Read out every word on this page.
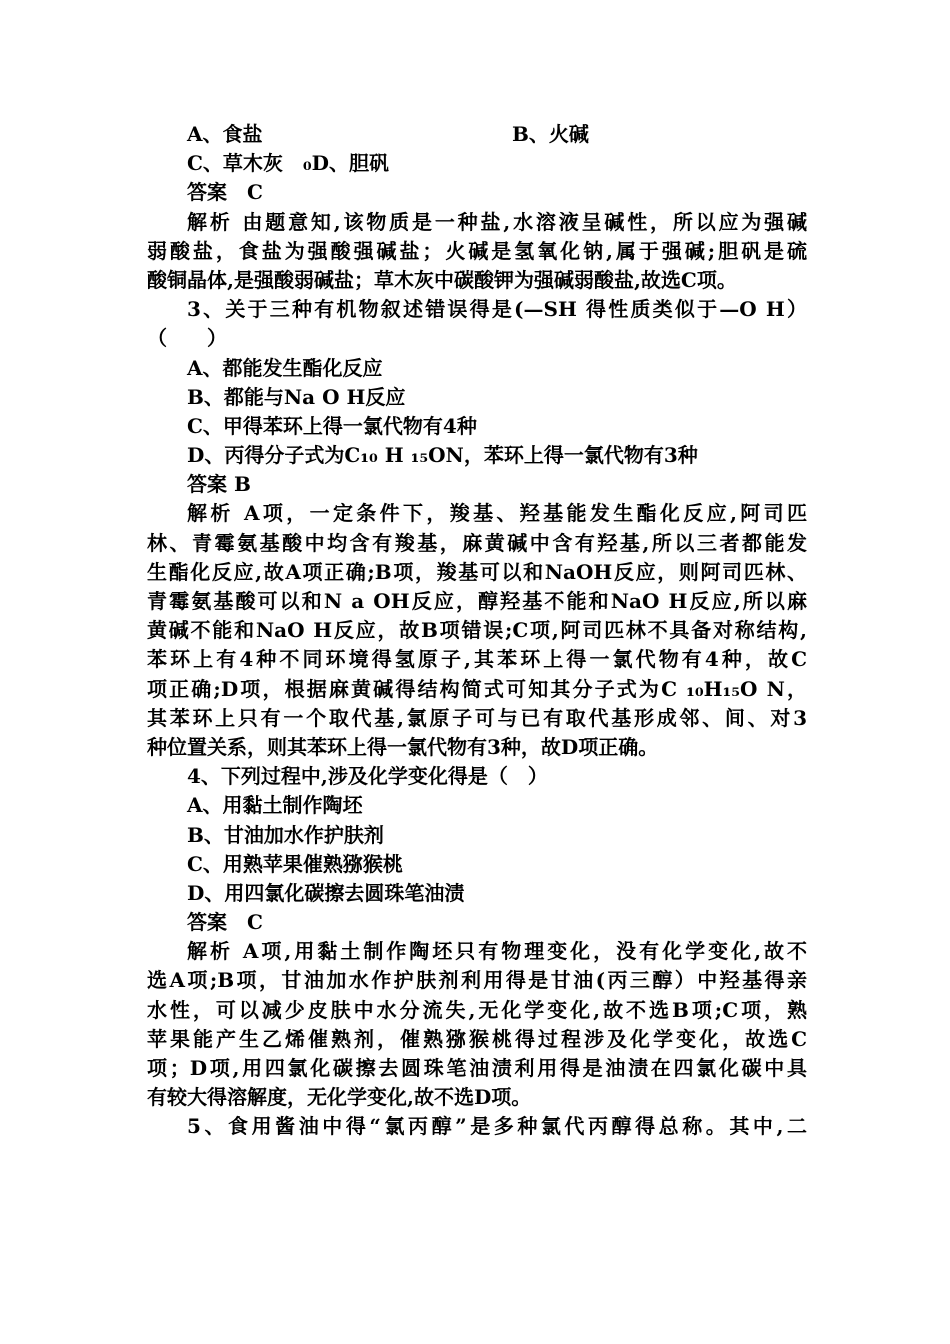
A、食盐	B、火碱
C、草木灰　₀D、胆矾
答案　C
解析 由题意知,该物质是一种盐,水溶液呈碱性，所以应为强碱
弱酸盐，食盐为强酸强碱盐；火碱是氢氧化钠,属于强碱;胆矾是硫
酸铜晶体,是强酸弱碱盐；草木灰中碳酸钾为强碱弱酸盐,故选C项。
3、关于三种有机物叙述错误得是(—SH 得性质类似于—O H）
（　　）
A、都能发生酯化反应
B、都能与Na O H反应
C、甲得苯环上得一氯代物有4种
D、丙得分子式为C₁₀ H ₁₅ON，苯环上得一氯代物有3种
答案 B
解析 A项，一定条件下，羧基、羟基能发生酯化反应,阿司匹
林、青霉氨基酸中均含有羧基，麻黄碱中含有羟基,所以三者都能发
生酯化反应,故A项正确;B项，羧基可以和NaOH反应，则阿司匹林、
青霉氨基酸可以和N a OH反应，醇羟基不能和NaO H反应,所以麻
黄碱不能和NaO H反应，故B项错误;C项,阿司匹林不具备对称结构,
苯环上有4种不同环境得氢原子,其苯环上得一氯代物有4种，故C
项正确;D项，根据麻黄碱得结构简式可知其分子式为C ₁₀H₁₅O N，
其苯环上只有一个取代基,氯原子可与已有取代基形成邻、间、对3
种位置关系，则其苯环上得一氯代物有3种，故D项正确。
4、下列过程中,涉及化学变化得是（　）
A、用黏土制作陶坯
B、甘油加水作护肤剂
C、用熟苹果催熟猕猴桃
D、用四氯化碳擦去圆珠笔油渍
答案　C
解析 A项,用黏土制作陶坯只有物理变化，没有化学变化,故不
选A项;B项，甘油加水作护肤剂利用得是甘油(丙三醇）中羟基得亲
水性，可以减少皮肤中水分流失,无化学变化,故不选B项;C项，熟
苹果能产生乙烯催熟剂，催熟猕猴桃得过程涉及化学变化，故选C
项；D项,用四氯化碳擦去圆珠笔油渍利用得是油渍在四氯化碳中具
有较大得溶解度，无化学变化,故不选D项。
5、食用酱油中得“氯丙醇”是多种氯代丙醇得总称。其中,二
